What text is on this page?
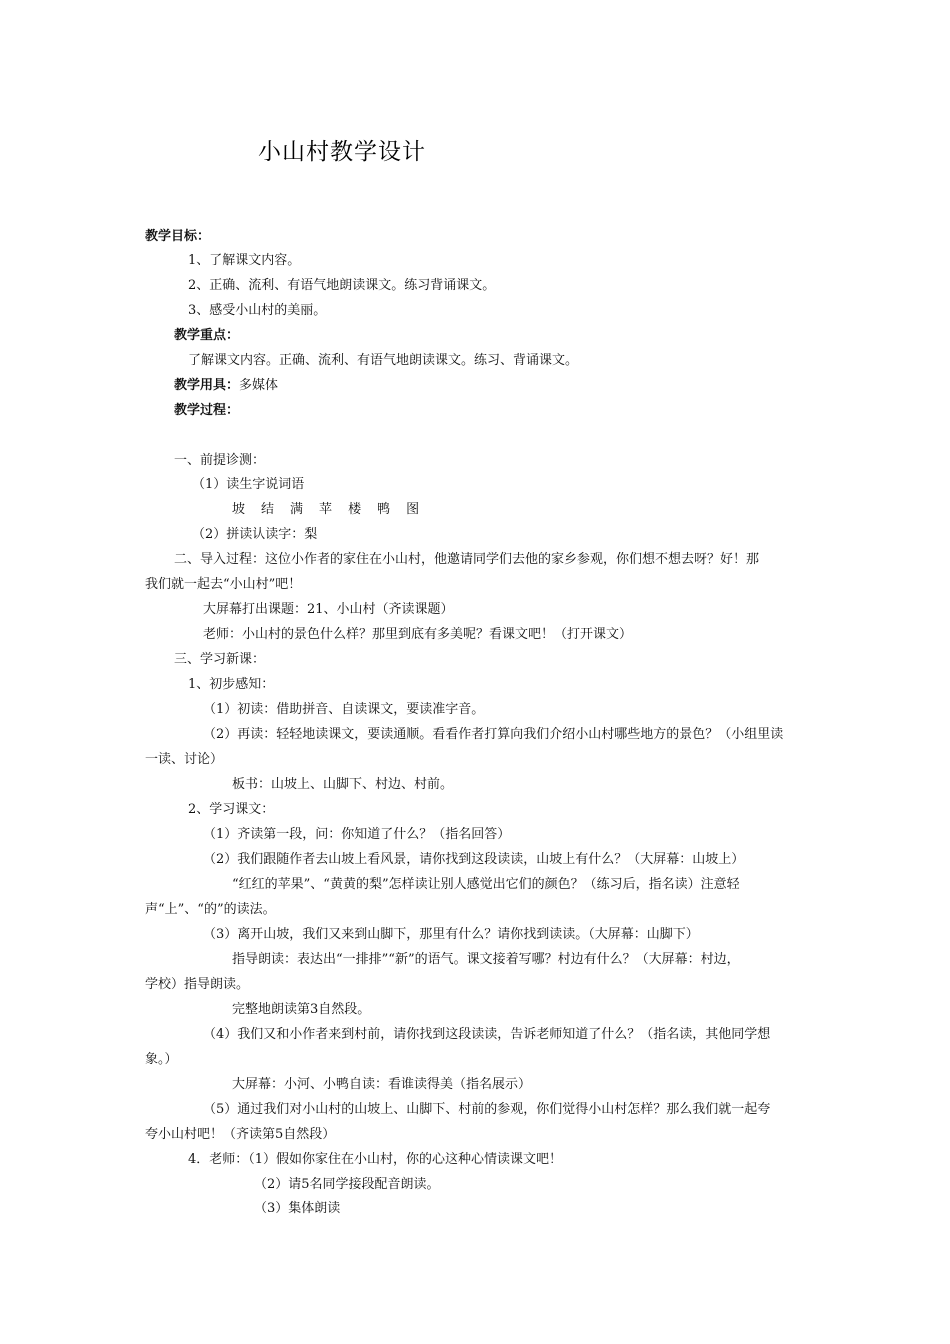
小山村教学设计
教学目标：
1、了解课文内容。
2、正确、流利、有语气地朗读课文。练习背诵课文。
3、感受小山村的美丽。
教学重点：
了解课文内容。正确、流利、有语气地朗读课文。练习、背诵课文。
教学用具：多媒体
教学过程：
一、前提诊测：
（1）读生字说词语
坡 结 满 苹 楼 鸭 图
（2）拼读认读字：梨
二、导入过程：这位小作者的家住在小山村，他邀请同学们去他的家乡参观，你们想不想去呀？好！那
我们就一起去“小山村”吧！
大屏幕打出课题：21、小山村（齐读课题）
老师：小山村的景色什么样？那里到底有多美呢？看课文吧！（打开课文）
三、学习新课：
1、初步感知：
（1）初读：借助拼音、自读课文，要读准字音。
（2）再读：轻轻地读课文，要读通顺。看看作者打算向我们介绍小山村哪些地方的景色？（小组里读
一读、讨论）
板书：山坡上、山脚下、村边、村前。
2、学习课文：
（1）齐读第一段，问：你知道了什么？（指名回答）
（2）我们跟随作者去山坡上看风景，请你找到这段读读，山坡上有什么？（大屏幕：山坡上）
“红红的苹果”、“黄黄的梨”怎样读让别人感觉出它们的颜色？（练习后，指名读）注意轻
声“上”、“的”的读法。
（3）离开山坡，我们又来到山脚下，那里有什么？请你找到读读。（大屏幕：山脚下）
指导朗读：表达出“一排排”“新”的语气。课文接着写哪？村边有什么？（大屏幕：村边，
学校）指导朗读。
完整地朗读第3自然段。
（4）我们又和小作者来到村前，请你找到这段读读，告诉老师知道了什么？（指名读，其他同学想
象。）
大屏幕：小河、小鸭自读：看谁读得美（指名展示）
（5）通过我们对小山村的山坡上、山脚下、村前的参观，你们觉得小山村怎样？那么我们就一起夸
夸小山村吧！（齐读第5自然段）
4．老师：（1）假如你家住在小山村，你的心这种心情读课文吧！
（2）请5名同学接段配音朗读。
（3）集体朗读
